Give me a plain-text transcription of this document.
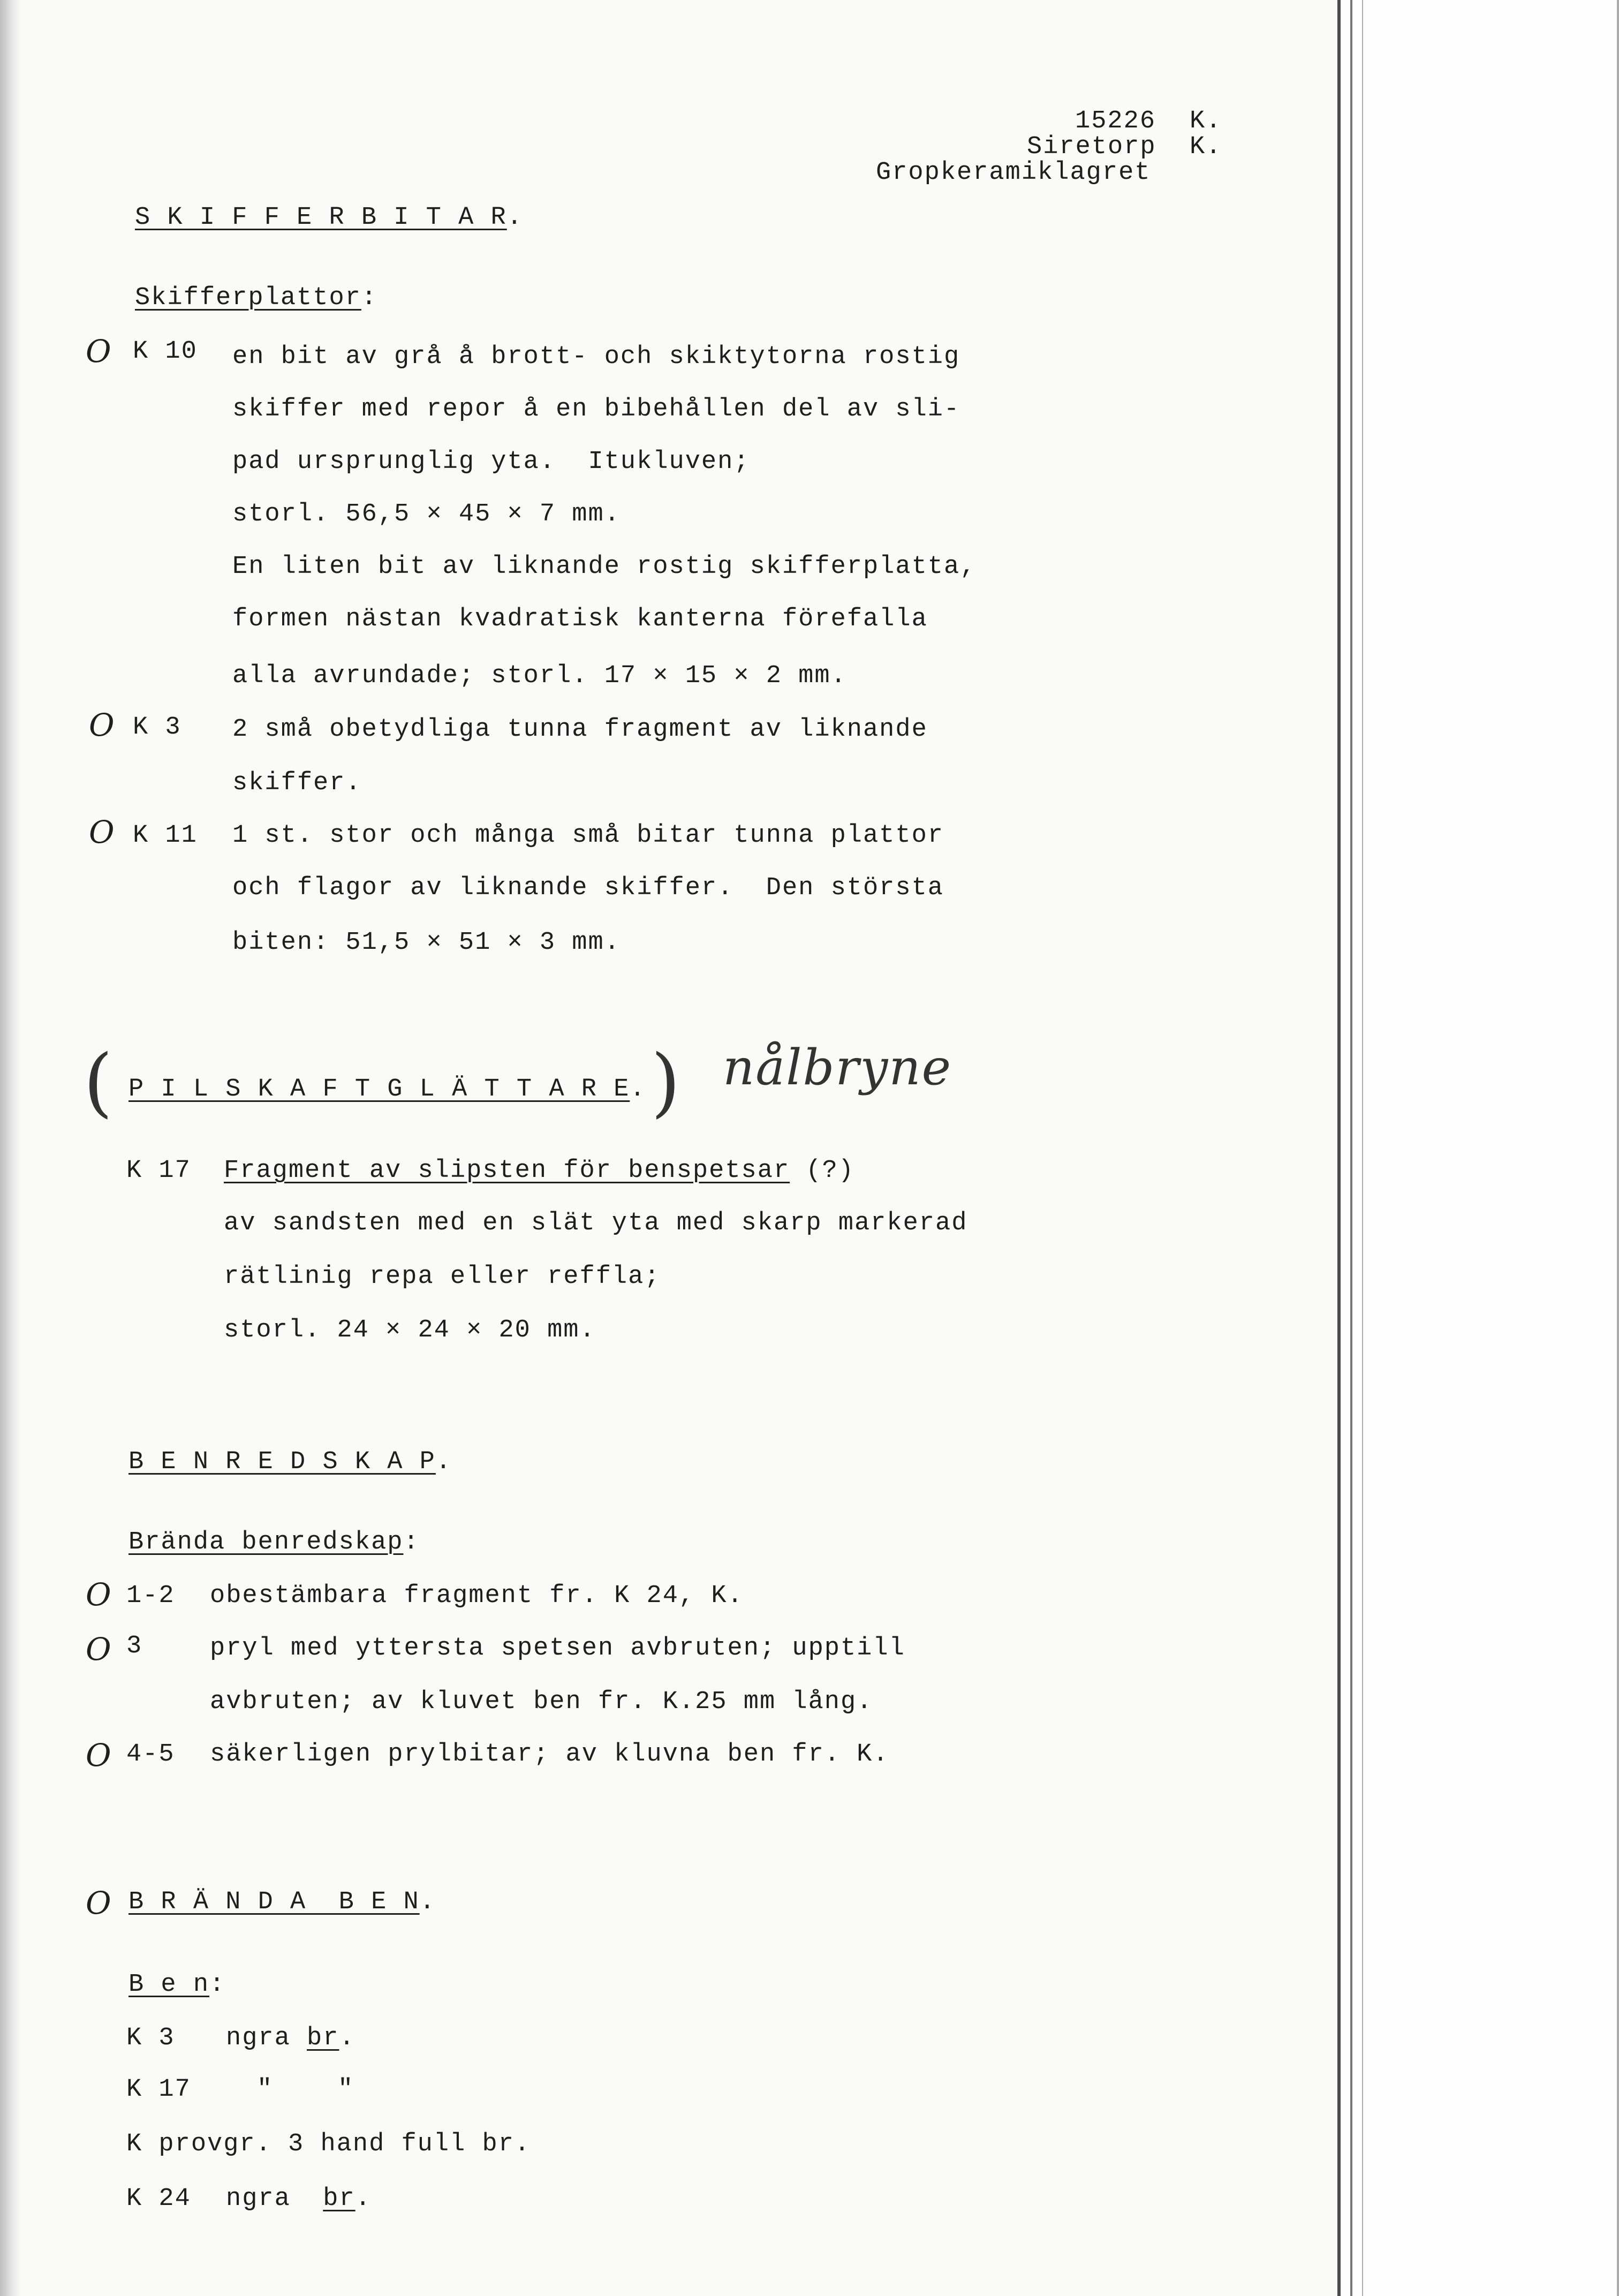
15226 K.
Siretorp K.
Gropkeramiklagret
S K I F F E R B I T A R.
Skifferplattor:
O K 10 en bit av grå å brott- och skiktytorna rostig
skiffer med repor å en bibehållen del av sli-
pad ursprunglig yta.  Itukluven;
storl. 56,5 × 45 × 7 mm.
En liten bit av liknande rostig skifferplatta,
formen nästan kvadratisk kanterna förefalla
alla avrundade; storl. 17 × 15 × 2 mm.
O K 3 2 små obetydliga tunna fragment av liknande
skiffer.
O K 11 1 st. stor och många små bitar tunna plattor
och flagor av liknande skiffer.  Den största
biten: 51,5 × 51 × 3 mm.
( P I L S K A F T G L Ä T T A R E. ) nålbryne
K 17 Fragment av slipsten för benspetsar (?)
av sandsten med en slät yta med skarp markerad
rätlinig repa eller reffla;
storl. 24 × 24 × 20 mm.
B E N R E D S K A P.
Brända benredskap:
O 1-2 obestämbara fragment fr. K 24, K.
O 3	pryl med yttersta spetsen avbruten; upptill
avbruten; av kluvet ben fr. K.25 mm lång.
O 4-5 säkerligen prylbitar; av kluvna ben fr. K.
O B R Ä N D A  B E N.
B e n:
K 3 ngra br.
K 17	"    "
K provgr. 3 hand full br.
K 24 ngra  br.
